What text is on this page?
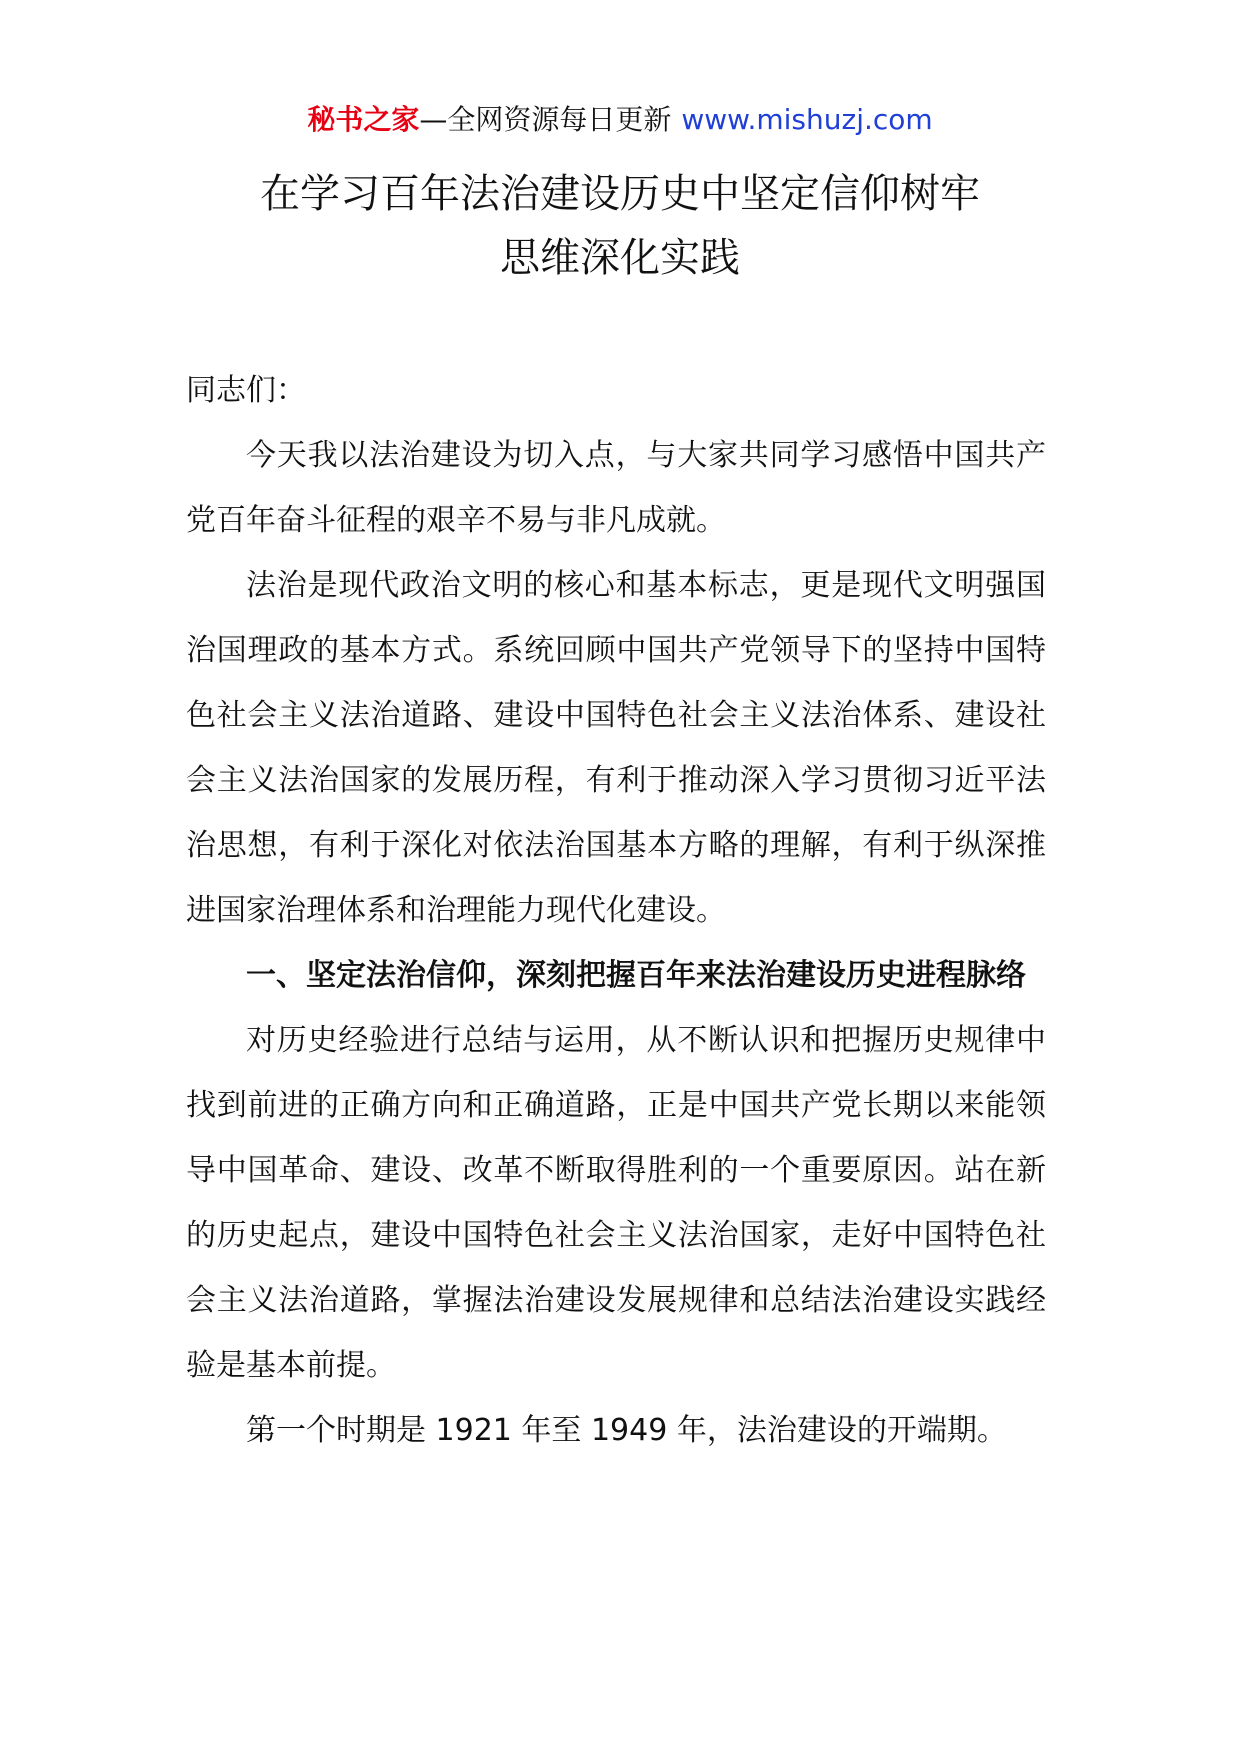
秘书之家—全网资源每日更新 www.mishuzj.com
在学习百年法治建设历史中坚定信仰树牢
思维深化实践

同志们：

今天我以法治建设为切入点，与大家共同学习感悟中国共产党百年奋斗征程的艰辛不易与非凡成就。

法治是现代政治文明的核心和基本标志，更是现代文明强国治国理政的基本方式。系统回顾中国共产党领导下的坚持中国特色社会主义法治道路、建设中国特色社会主义法治体系、建设社会主义法治国家的发展历程，有利于推动深入学习贯彻习近平法治思想，有利于深化对依法治国基本方略的理解，有利于纵深推进国家治理体系和治理能力现代化建设。

一、坚定法治信仰，深刻把握百年来法治建设历史进程脉络

对历史经验进行总结与运用，从不断认识和把握历史规律中找到前进的正确方向和正确道路，正是中国共产党长期以来能领导中国革命、建设、改革不断取得胜利的一个重要原因。站在新的历史起点，建设中国特色社会主义法治国家，走好中国特色社会主义法治道路，掌握法治建设发展规律和总结法治建设实践经验是基本前提。

第一个时期是 1921 年至 1949 年，法治建设的开端期。
